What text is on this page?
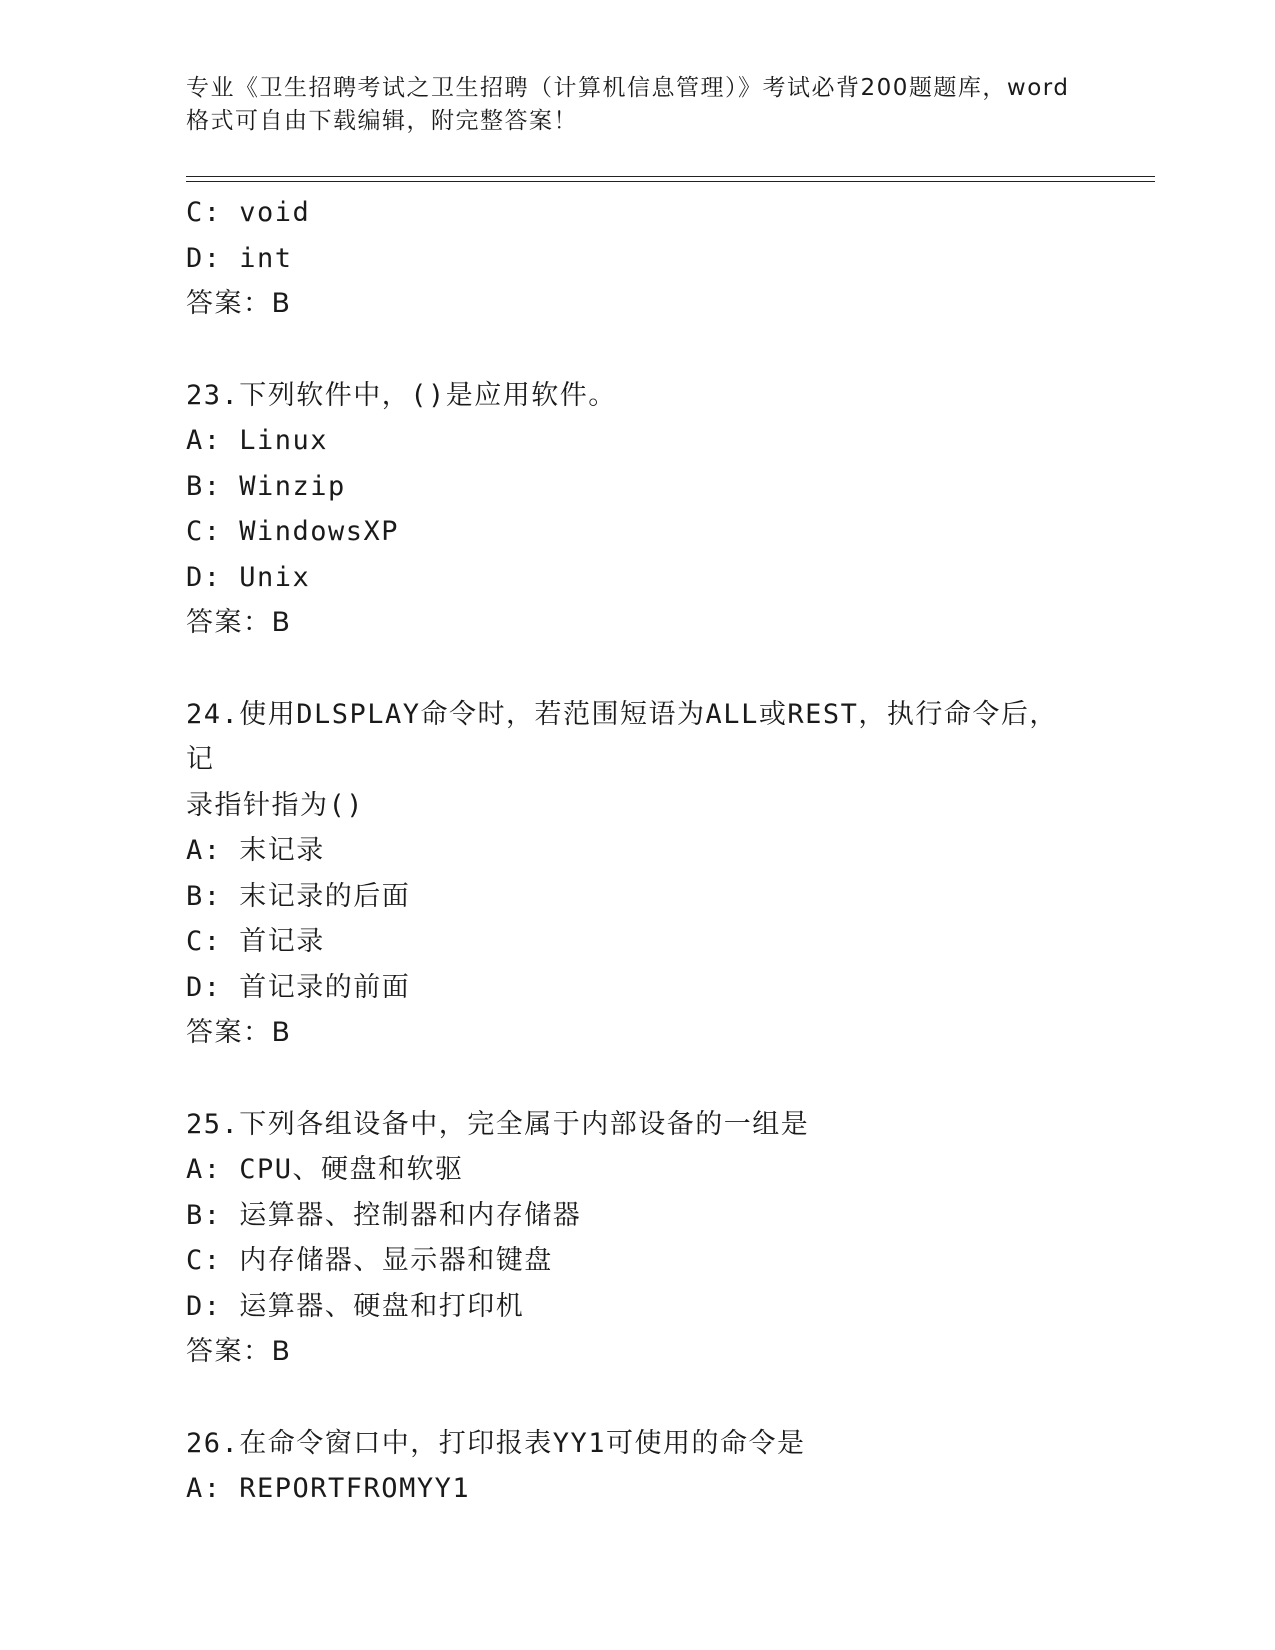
专业《卫生招聘考试之卫生招聘（计算机信息管理）》考试必背200题题库，word
格式可自由下载编辑，附完整答案！
C: void
D: int
答案：B
23.下列软件中，()是应用软件。
A: Linux
B: Winzip
C: WindowsXP
D: Unix
答案：B
24.使用DLSPLAY命令时，若范围短语为ALL或REST，执行命令后，记
录指针指为()
A: 末记录
B: 末记录的后面
C: 首记录
D: 首记录的前面
答案：B
25.下列各组设备中，完全属于内部设备的一组是
A: CPU、硬盘和软驱
B: 运算器、控制器和内存储器
C: 内存储器、显示器和键盘
D: 运算器、硬盘和打印机
答案：B
26.在命令窗口中，打印报表YY1可使用的命令是
A: REPORTFROMYY1
